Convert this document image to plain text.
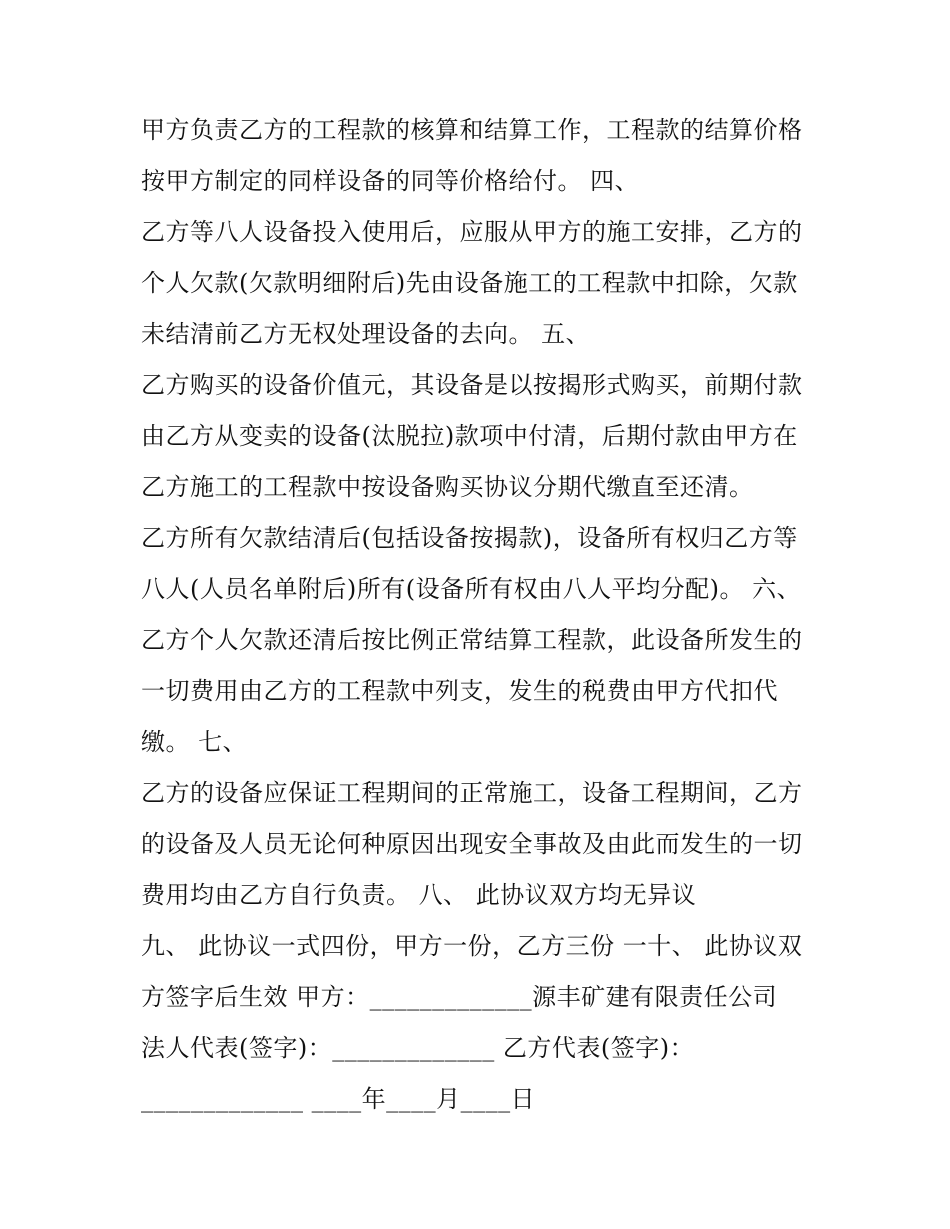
甲方负责乙方的工程款的核算和结算工作，工程款的结算价格
按甲方制定的同样设备的同等价格给付。 四、
乙方等八人设备投入使用后，应服从甲方的施工安排，乙方的
个人欠款(欠款明细附后)先由设备施工的工程款中扣除，欠款
未结清前乙方无权处理设备的去向。 五、
乙方购买的设备价值元，其设备是以按揭形式购买，前期付款
由乙方从变卖的设备(汰脱拉)款项中付清，后期付款由甲方在
乙方施工的工程款中按设备购买协议分期代缴直至还清。
乙方所有欠款结清后(包括设备按揭款)，设备所有权归乙方等
八人(人员名单附后)所有(设备所有权由八人平均分配)。 六、
乙方个人欠款还清后按比例正常结算工程款，此设备所发生的
一切费用由乙方的工程款中列支，发生的税费由甲方代扣代
缴。 七、
乙方的设备应保证工程期间的正常施工，设备工程期间，乙方
的设备及人员无论何种原因出现安全事故及由此而发生的一切
费用均由乙方自行负责。 八、 此协议双方均无异议
九、 此协议一式四份，甲方一份，乙方三份 一十、 此协议双
方签字后生效 甲方：_____________源丰矿建有限责任公司
法人代表(签字)：_____________ 乙方代表(签字)：
_____________ ____年____月____日
